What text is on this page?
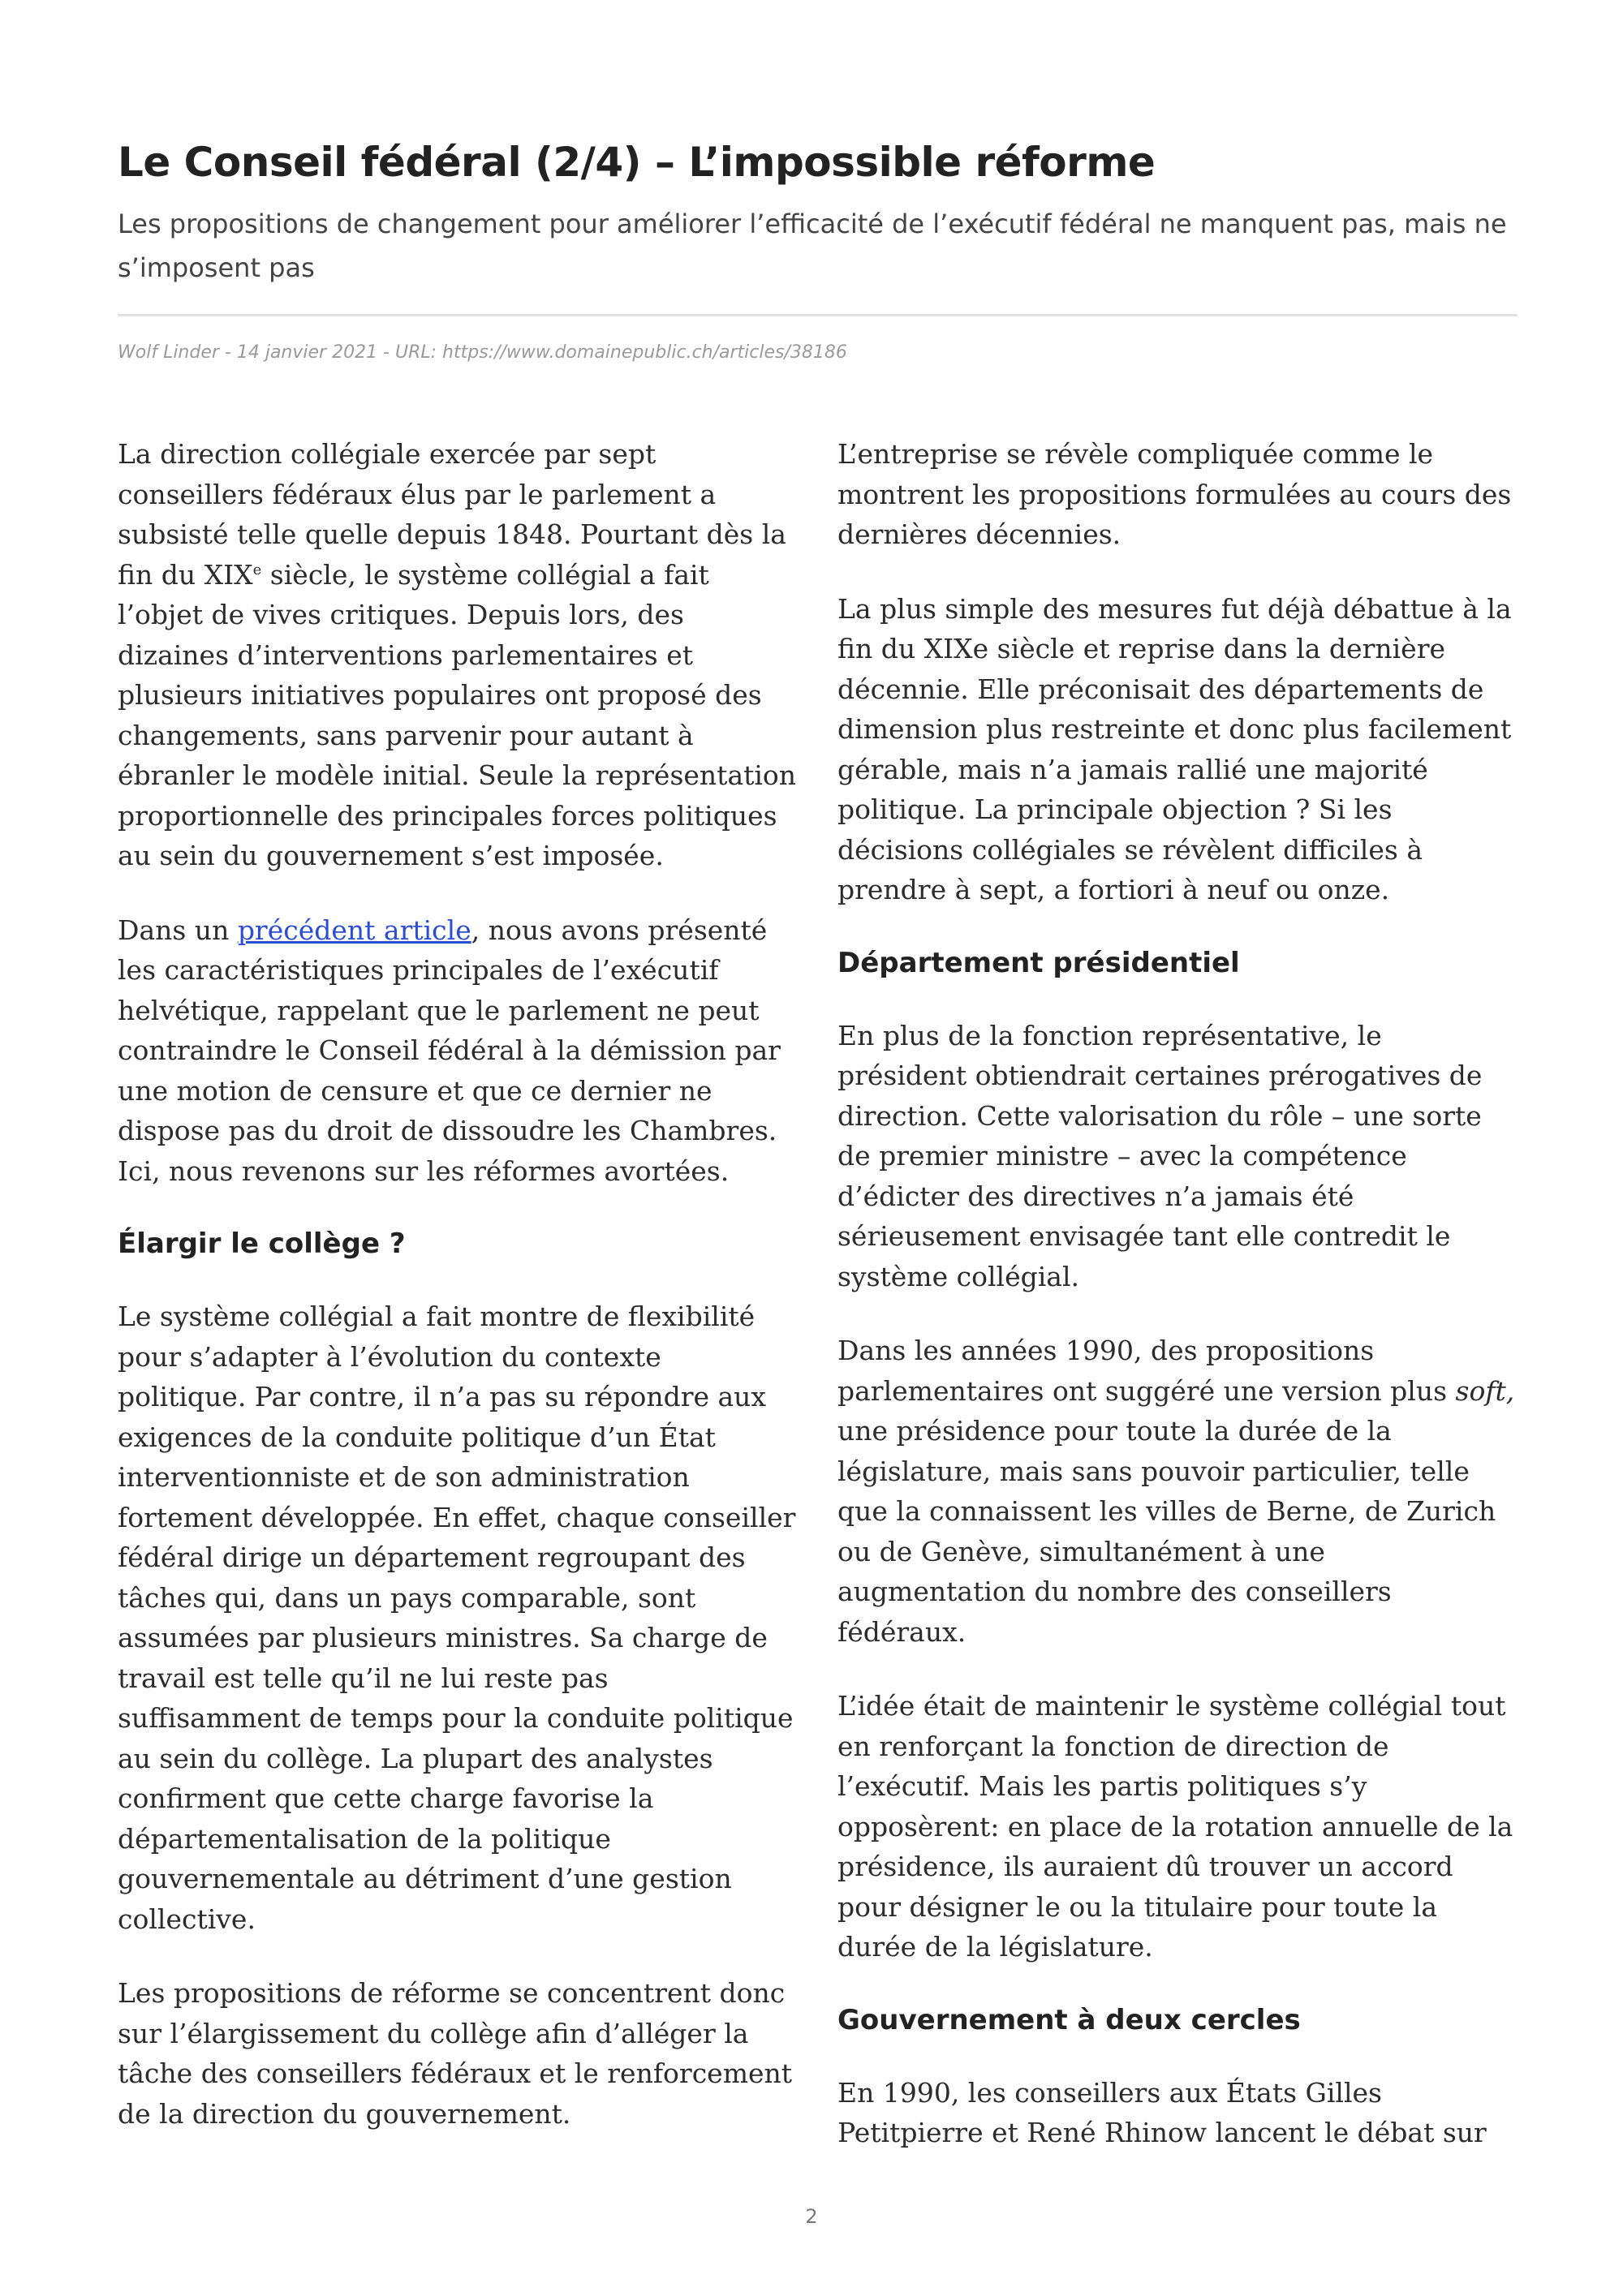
Le Conseil fédéral (2/4) – L’impossible réforme

Les propositions de changement pour améliorer l’efficacité de l’exécutif fédéral ne manquent pas, mais ne s’imposent pas

Wolf Linder - 14 janvier 2021 - URL: https://www.domainepublic.ch/articles/38186

La direction collégiale exercée par sept conseillers fédéraux élus par le parlement a subsisté telle quelle depuis 1848. Pourtant dès la fin du XIXe siècle, le système collégial a fait l’objet de vives critiques. Depuis lors, des dizaines d’interventions parlementaires et plusieurs initiatives populaires ont proposé des changements, sans parvenir pour autant à ébranler le modèle initial. Seule la représentation proportionnelle des principales forces politiques au sein du gouvernement s’est imposée.

Dans un précédent article, nous avons présenté les caractéristiques principales de l’exécutif helvétique, rappelant que le parlement ne peut contraindre le Conseil fédéral à la démission par une motion de censure et que ce dernier ne dispose pas du droit de dissoudre les Chambres. Ici, nous revenons sur les réformes avortées.

Élargir le collège ?

Le système collégial a fait montre de flexibilité pour s’adapter à l’évolution du contexte politique. Par contre, il n’a pas su répondre aux exigences de la conduite politique d’un État interventionniste et de son administration fortement développée. En effet, chaque conseiller fédéral dirige un département regroupant des tâches qui, dans un pays comparable, sont assumées par plusieurs ministres. Sa charge de travail est telle qu’il ne lui reste pas suffisamment de temps pour la conduite politique au sein du collège. La plupart des analystes confirment que cette charge favorise la départementalisation de la politique gouvernementale au détriment d’une gestion collective.

Les propositions de réforme se concentrent donc sur l’élargissement du collège afin d’alléger la tâche des conseillers fédéraux et le renforcement de la direction du gouvernement.

L’entreprise se révèle compliquée comme le montrent les propositions formulées au cours des dernières décennies.

La plus simple des mesures fut déjà débattue à la fin du XIXe siècle et reprise dans la dernière décennie. Elle préconisait des départements de dimension plus restreinte et donc plus facilement gérable, mais n’a jamais rallié une majorité politique. La principale objection ? Si les décisions collégiales se révèlent difficiles à prendre à sept, a fortiori à neuf ou onze.

Département présidentiel

En plus de la fonction représentative, le président obtiendrait certaines prérogatives de direction. Cette valorisation du rôle – une sorte de premier ministre – avec la compétence d’édicter des directives n’a jamais été sérieusement envisagée tant elle contredit le système collégial.

Dans les années 1990, des propositions parlementaires ont suggéré une version plus soft, une présidence pour toute la durée de la législature, mais sans pouvoir particulier, telle que la connaissent les villes de Berne, de Zurich ou de Genève, simultanément à une augmentation du nombre des conseillers fédéraux.

L’idée était de maintenir le système collégial tout en renforçant la fonction de direction de l’exécutif. Mais les partis politiques s’y opposèrent: en place de la rotation annuelle de la présidence, ils auraient dû trouver un accord pour désigner le ou la titulaire pour toute la durée de la législature.

Gouvernement à deux cercles

En 1990, les conseillers aux États Gilles Petitpierre et René Rhinow lancent le débat sur

2
